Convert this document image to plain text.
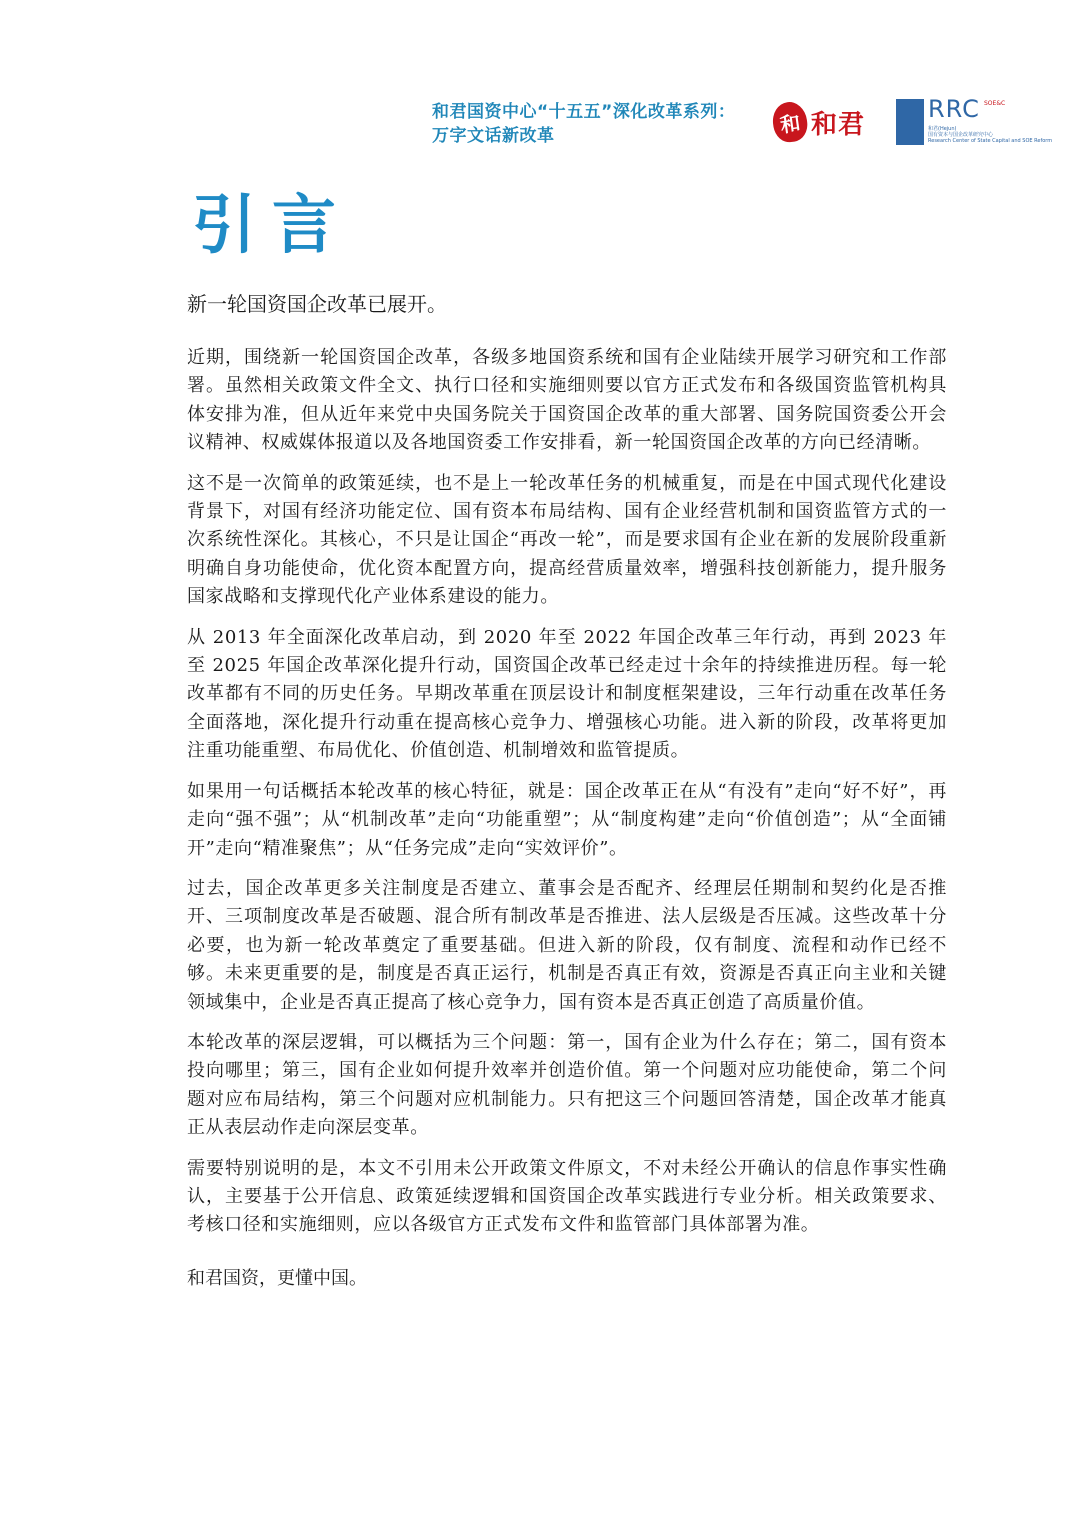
和君国资中心“十五五”深化改革系列：
万字文话新改革	和 和君
RRC SOE&C
和君(Hejun)
国有资本与国企改革研究中心
Research Center of State Capital and SOE Reform
引言
新一轮国资国企改革已展开。

近期，围绕新一轮国资国企改革，各级多地国资系统和国有企业陆续开展学习研究和工作部署。虽然相关政策文件全文、执行口径和实施细则要以官方正式发布和各级国资监管机构具体安排为准，但从近年来党中央国务院关于国资国企改革的重大部署、国务院国资委公开会议精神、权威媒体报道以及各地国资委工作安排看，新一轮国资国企改革的方向已经清晰。

这不是一次简单的政策延续，也不是上一轮改革任务的机械重复，而是在中国式现代化建设背景下，对国有经济功能定位、国有资本布局结构、国有企业经营机制和国资监管方式的一次系统性深化。其核心，不只是让国企“再改一轮”，而是要求国有企业在新的发展阶段重新明确自身功能使命，优化资本配置方向，提高经营质量效率，增强科技创新能力，提升服务国家战略和支撑现代化产业体系建设的能力。

从 2013 年全面深化改革启动，到 2020 年至 2022 年国企改革三年行动，再到 2023 年至 2025 年国企改革深化提升行动，国资国企改革已经走过十余年的持续推进历程。每一轮改革都有不同的历史任务。早期改革重在顶层设计和制度框架建设，三年行动重在改革任务全面落地，深化提升行动重在提高核心竞争力、增强核心功能。进入新的阶段，改革将更加注重功能重塑、布局优化、价值创造、机制增效和监管提质。

如果用一句话概括本轮改革的核心特征，就是：国企改革正在从“有没有”走向“好不好”，再走向“强不强”；从“机制改革”走向“功能重塑”；从“制度构建”走向“价值创造”；从“全面铺开”走向“精准聚焦”；从“任务完成”走向“实效评价”。

过去，国企改革更多关注制度是否建立、董事会是否配齐、经理层任期制和契约化是否推开、三项制度改革是否破题、混合所有制改革是否推进、法人层级是否压减。这些改革十分必要，也为新一轮改革奠定了重要基础。但进入新的阶段，仅有制度、流程和动作已经不够。未来更重要的是，制度是否真正运行，机制是否真正有效，资源是否真正向主业和关键领域集中，企业是否真正提高了核心竞争力，国有资本是否真正创造了高质量价值。

本轮改革的深层逻辑，可以概括为三个问题：第一，国有企业为什么存在；第二，国有资本投向哪里；第三，国有企业如何提升效率并创造价值。第一个问题对应功能使命，第二个问题对应布局结构，第三个问题对应机制能力。只有把这三个问题回答清楚，国企改革才能真正从表层动作走向深层变革。

需要特别说明的是，本文不引用未公开政策文件原文，不对未经公开确认的信息作事实性确认，主要基于公开信息、政策延续逻辑和国资国企改革实践进行专业分析。相关政策要求、考核口径和实施细则，应以各级官方正式发布文件和监管部门具体部署为准。

和君国资，更懂中国。
